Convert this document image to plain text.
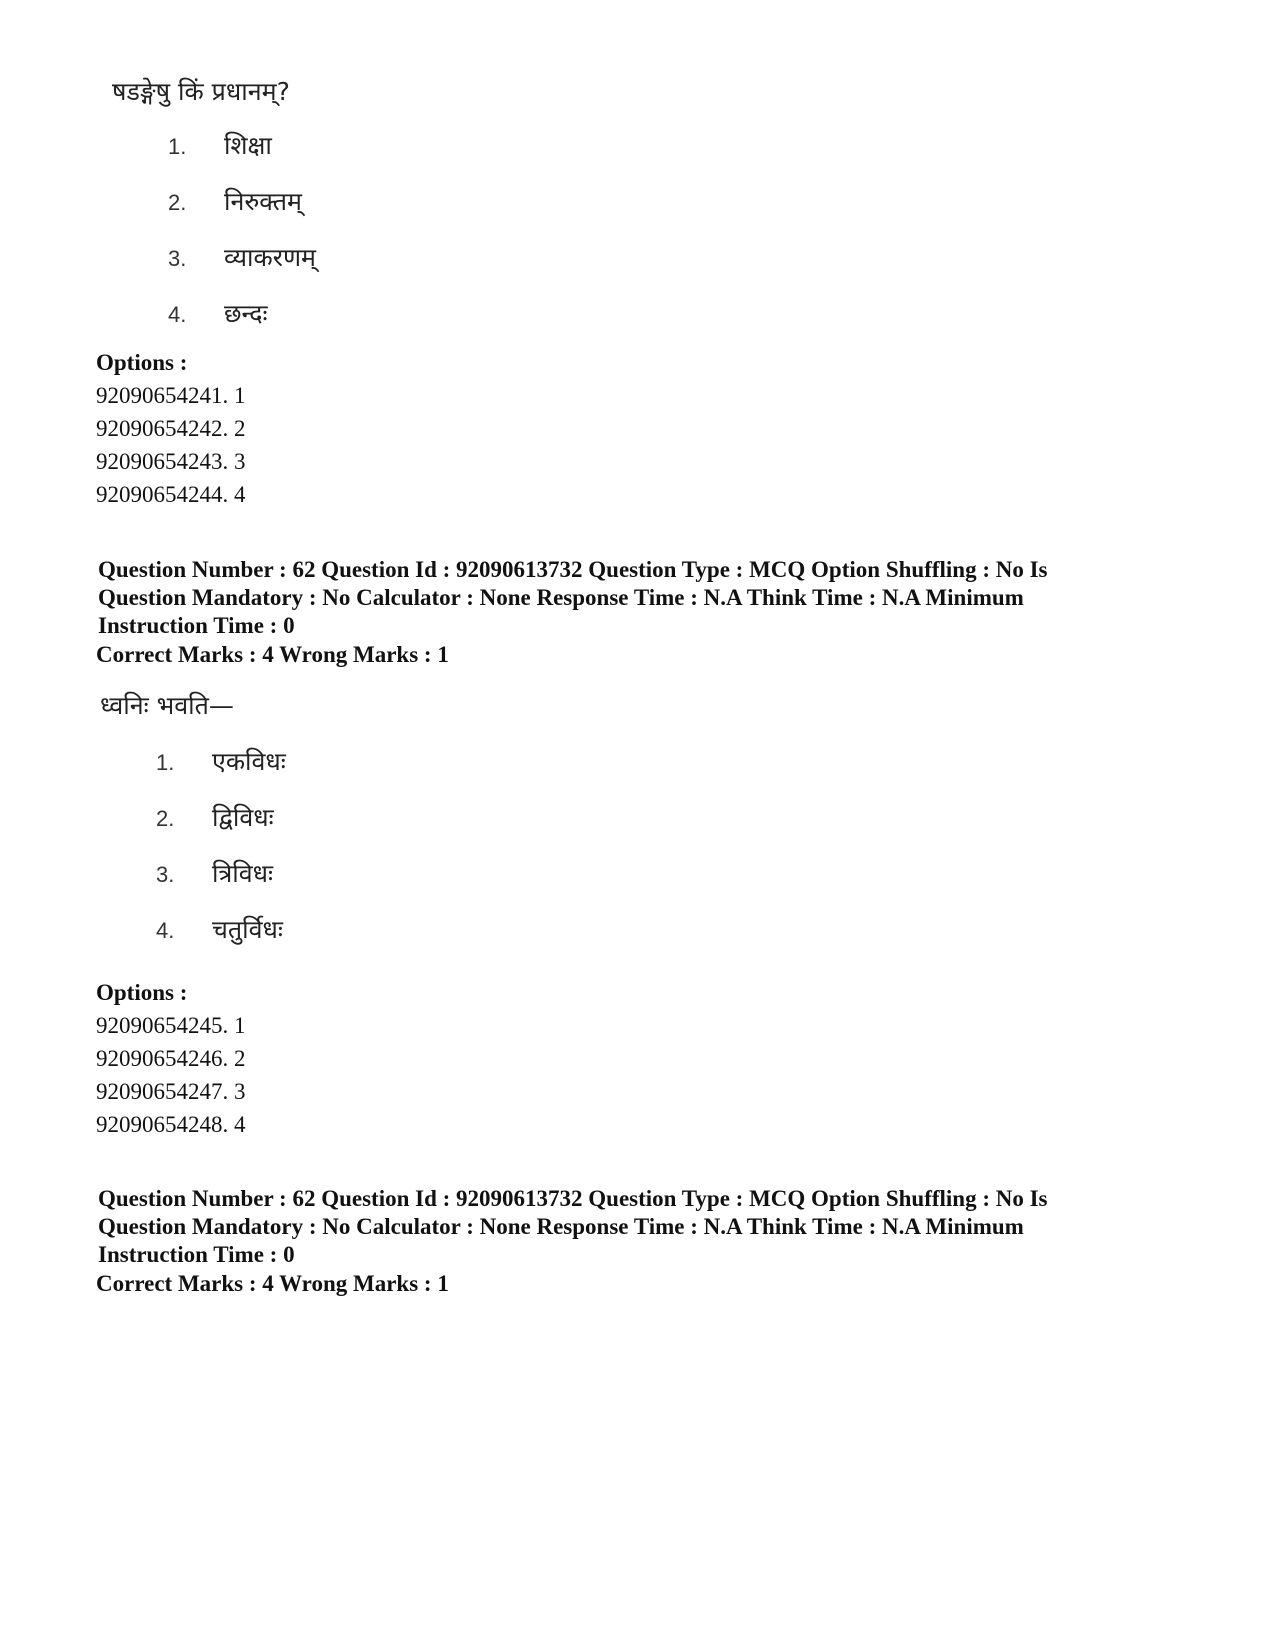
षडङ्गेषु किं प्रधानम्?
1. शिक्षा
2. निरुक्तम्
3. व्याकरणम्
4. छन्दः
Options :
92090654241. 1
92090654242. 2
92090654243. 3
92090654244. 4
Question Number : 62 Question Id : 92090613732 Question Type : MCQ Option Shuffling : No Is
Question Mandatory : No Calculator : None Response Time : N.A Think Time : N.A Minimum
Instruction Time : 0
Correct Marks : 4 Wrong Marks : 1
ध्वनिः भवति—
1. एकविधः
2. द्विविधः
3. त्रिविधः
4. चतुर्विधः
Options :
92090654245. 1
92090654246. 2
92090654247. 3
92090654248. 4
Question Number : 62 Question Id : 92090613732 Question Type : MCQ Option Shuffling : No Is
Question Mandatory : No Calculator : None Response Time : N.A Think Time : N.A Minimum
Instruction Time : 0
Correct Marks : 4 Wrong Marks : 1
